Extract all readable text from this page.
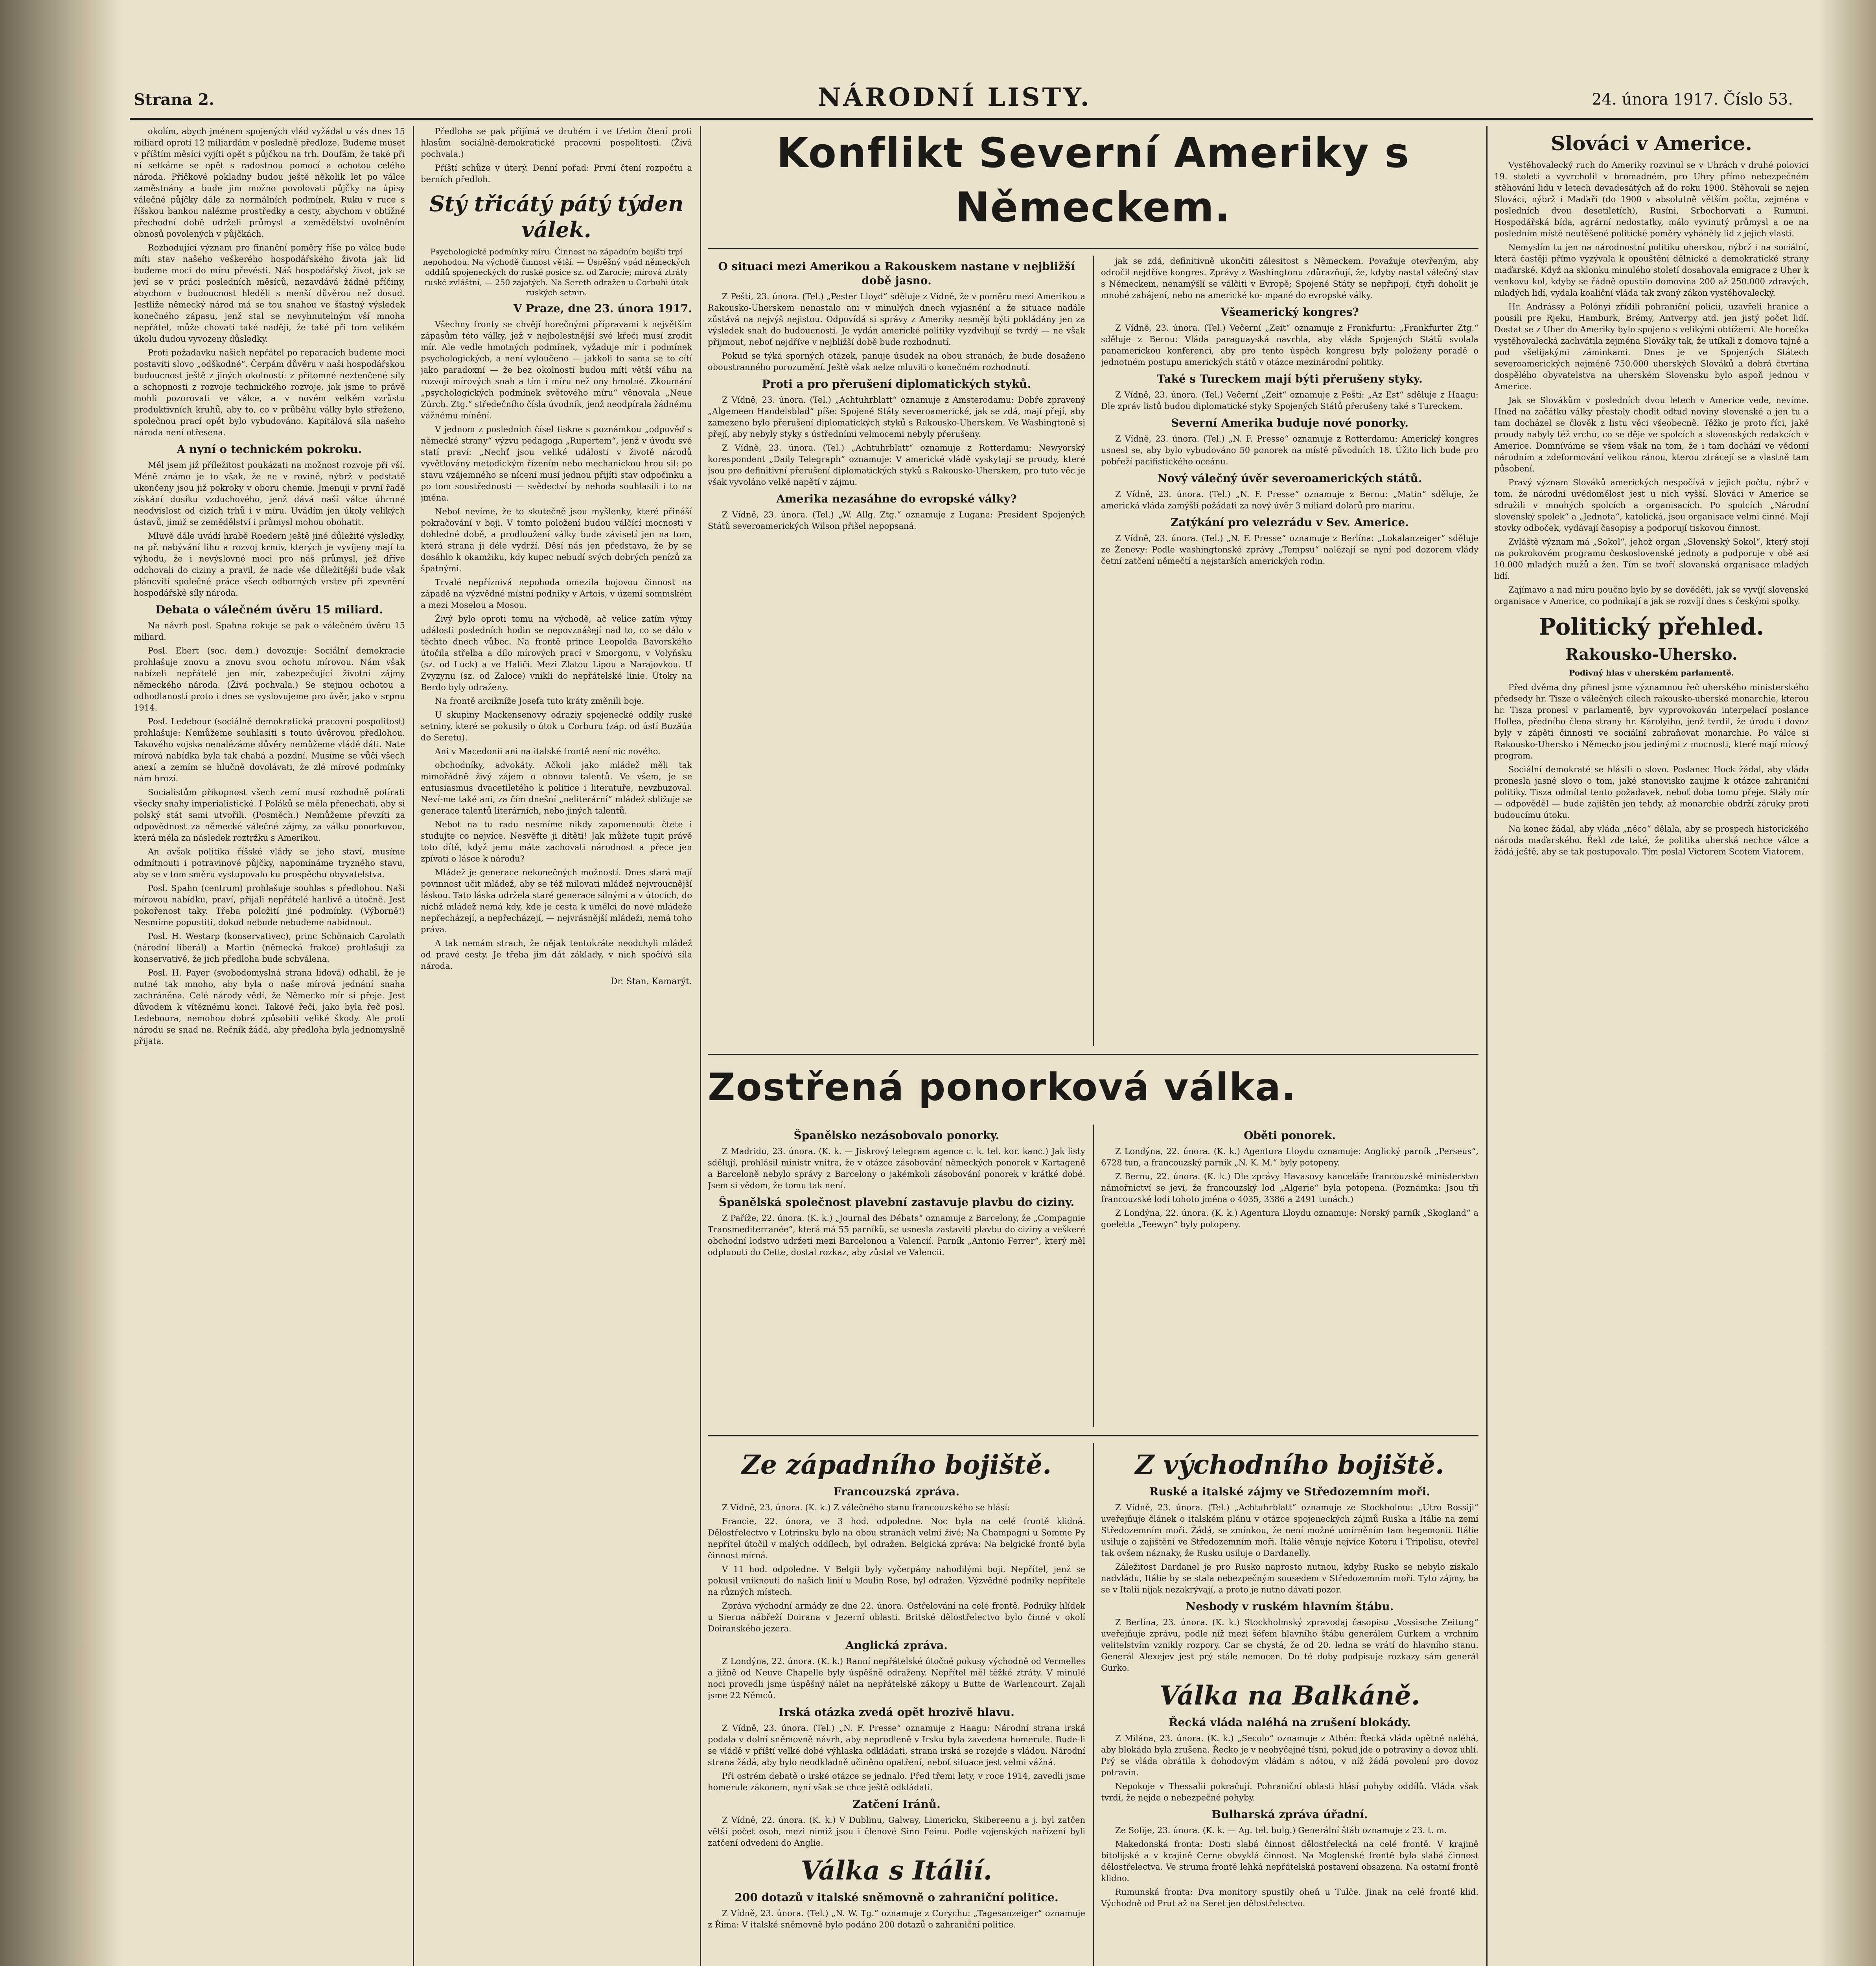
Strana 2.	NÁRODNÍ LISTY.	24. února 1917. Číslo 53.

okolím, abych jménem spojených vlád vyžádal u vás dnes 15 miliard oproti 12 miliardám v posledně předloze. Budeme muset v příštím měsíci vyjíti opět s půjčkou na trh. Doufám, že také při ní setkáme se opět s radostnou pomocí a ochotou celého národa. Příčkové pokladny budou ještě několik let po válce zaměstnány a bude jim možno povolovati půjčky na úpisy válečné půjčky dále za normálních podmínek. Ruku v ruce s říšskou bankou nalézme prostředky a cesty, abychom v obtížné přechodní době udrželi průmysl a zemědělství uvolněním obnosů povolených v půjčkách.

Rozhodující význam pro finanční poměry říše po válce bude míti stav našeho veškerého hospodářského života jak lid budeme moci do míru převésti. Náš hospodářský život, jak se jeví se v práci posledních měsíců, nezavdává žádné příčiny, abychom v budoucnost hleděli s menší důvěrou než dosud. Jestliže německý národ má se tou snahou ve šťastný výsledek konečného zápasu, jenž stal se nevyhnutelným vší mnoha nepřátel, může chovati také naději, že také při tom velikém úkolu dudou vyvozeny důsledky.

Proti požadavku našich nepřátel po reparacích budeme moci postaviti slovo „odškodné“. Čerpám důvěru v naši hospodářskou budoucnost ještě z jiných okolností: z přítomné neztenčené síly a schopnosti z rozvoje technického rozvoje, jak jsme to právě mohli pozorovati ve válce, a v novém velkém vzrůstu produktivních kruhů, aby to, co v průběhu války bylo střeženo, společnou prací opět bylo vybudováno. Kapitálová síla našeho národa není otřesena.

A nyní o technickém pokroku.

Měl jsem již příležitost poukázati na možnost rozvoje při vší. Méně známo je to však, že ne v rovině, nýbrž v podstatě ukončeny jsou již pokroky v oboru chemie. Jmenuji v první řadě získání dusíku vzduchového, jenž dává naší válce úhrnné neodvislost od cizích trhů i v míru. Uvádím jen úkoly velikých ústavů, jimiž se zemědělství i průmysl mohou obohatit.

Mluvě dále uvádí hrabě Roedern ještě jiné důležité výsledky, na př. nabývání lihu a rozvoj krmiv, kterých je vyvíjeny mají tu výhodu, že i nevýslovné moci pro náš průmysl, jež dříve odchovali do ciziny a pravil, že nade vše důležitější bude však pláncvití společné práce všech odborných vrstev při zpevnění hospodářské síly národa.

Debata o válečném úvěru 15 miliard.

Na návrh posl. Spahna rokuje se pak o válečném úvěru 15 miliard.

Posl. Ebert (soc. dem.) dovozuje: Sociální demokracie prohlašuje znovu a znovu svou ochotu mírovou. Nám však nabízeli nepřátelé jen mír, zabezpečující životní zájmy německého národa. (Živá pochvala.) Se stejnou ochotou a odhodlaností proto i dnes se vyslovujeme pro úvěr, jako v srpnu 1914.

Posl. Ledebour (sociálně demokratická pracovní pospolitost) prohlašuje: Nemůžeme souhlasiti s touto úvěrovou předlohou. Takového vojska nenalézáme důvěry nemůžeme vládě dáti. Nate mírová nabídka byla tak chabá a pozdní. Musíme se vůči všech anexí a zemím se hlučně dovolávati, že zlé mírové podmínky nám hrozí.

Socialistům přikopnost všech zemí musí rozhodně potírati všecky snahy imperialistické. I Poláků se měla přenechati, aby si polský stát sami utvořili. (Posměch.) Nemůžeme převzíti za odpovědnost za německé válečné zájmy, za válku ponorkovou, která měla za následek roztržku s Amerikou.

An avšak politika říšské vlády se jeho staví, musíme odmítnouti i potravinové půjčky, napomínáme tryzného stavu, aby se v tom směru vystupovalo ku prospěchu obyvatelstva.

Posl. Spahn (centrum) prohlašuje souhlas s předlohou. Naši mírovou nabídku, praví, přijali nepřátelé hanlivě a útočně. Jest pokořenost taky. Třeba položití jiné podmínky. (Výborně!) Nesmíme popustiti, dokud nebude nebudeme nabídnout.

Posl. H. Westarp (konservativec), princ Schönaich Carolath (národní liberál) a Martin (německá frakce) prohlašují za konservativě, že jich předloha bude schválena.

Posl. H. Payer (svobodomyslná strana lidová) odhalil, že je nutné tak mnoho, aby byla o naše mírová jednání snaha zachráněna. Celé národy vědí, že Německo mír si přeje. Jest důvodem k vítěznému konci. Takové řeči, jako byla řeč posl. Ledeboura, nemohou dobrá způsobiti veliké škody. Ale proti národu se snad ne. Rečník žádá, aby předloha byla jednomyslně přijata.

Předloha se pak přijímá ve druhém i ve třetím čtení proti hlasům sociálně-demokratické pracovní pospolitosti. (Živá pochvala.)

Příští schůze v úterý. Denní pořad: První čtení rozpočtu a berních předloh.

Stý třicátý pátý týden válek.
Psychologické podmínky míru. Činnost na západním bojišti trpí nepohodou. Na východě činnost větší. — Úspěšný vpád německých oddílů spojeneckých do ruské posice sz. od Zarocie; mírová ztráty ruské zvláštní, — 250 zajatých. Na Sereth odražen u Corbuhi útok ruských setnin.
V Praze, dne 23. února 1917.

Všechny fronty se chvějí horečnými přípravami k největším zápasům této války, jež v nejbolestnější své křeči musí zrodit mír. Ale vedle hmotných podmínek, vyžaduje mír i podmínek psychologických, a není vyloučeno — jakkoli to sama se to cítí jako paradoxní — že bez okolností budou míti větší váhu na rozvoji mírových snah a tím i míru než ony hmotné. Zkoumání „psychologických podmínek světového míru“ věnovala „Neue Zürch. Ztg.“ středečního čísla úvodník, jenž neodpírala žádnému vážnému mínění.

V jednom z posledních čísel tiskne s poznámkou „odpověď s německé strany“ výzvu pedagoga „Rupertem“, jenž v úvodu své statí praví: „Nechť jsou veliké události v životě národů vyvětlovány metodickým řízením nebo mechanickou hrou sil: po stavu vzájemného se nícení musí jednou přijíti stav odpočinku a po tom soustřednosti — svědectví by nehoda souhlasili i to na jména.

Neboť nevíme, že to skutečně jsou myšlenky, které přináší pokračování v boji. V tomto položení budou válčící mocnosti v dohledné době, a prodloužení války bude závisetí jen na tom, která strana ji déle vydrží. Děsí nás jen představa, že by se dosáhlo k okamžiku, kdy kupec nebudí svých dobrých penízů za špatnými.

Trvalé nepříznivá nepohoda omezila bojovou činnost na západě na výzvědné místní podniky v Artois, v území sommském a mezi Moselou a Mosou.

Živý bylo oproti tomu na východě, ač velice zatím výmy události posledních hodin se nepovznášejí nad to, co se dálo v těchto dnech vůbec. Na frontě prince Leopolda Bavorského útočila střelba a dílo mírových prací v Smorgonu, v Volyňsku (sz. od Luck) a ve Haliči. Mezi Zlatou Lipou a Narajovkou. U Zvyzynu (sz. od Zaloce) vnikli do nepřátelské linie. Útoky na Berdo byly odraženy.

Na frontě arcikníže Josefa tuto kráty změnili boje.

U skupiny Mackensenovy odraziy spojenecké oddíly ruské setniny, které se pokusily o útok u Corburu (záp. od ústí Buzăúa do Seretu).

Ani v Macedonii ani na italské frontě není nic nového.

obchodníky, advokáty. Ačkoli jako mládež měli tak mimořádně živý zájem o obnovu talentů. Ve všem, je se entusiasmus dvacetiletého k politice i literatuře, nevzbuzoval. Neví-me také ani, za čím dnešní „neliterární“ mládež sbližuje se generace talentů literárních, nebo jiných talentů.

Nebot na tu radu nesmíme nikdy zapomenouti: čtete i studujte co nejvíce. Nesvěťte ji dítěti! Jak můžete tupit právě toto dítě, když jemu máte zachovati národnost a přece jen zpívati o lásce k národu?

Mládež je generace nekonečných možností. Dnes stará mají povinnost učit mládež, aby se též milovati mládež nejvroucnější láskou. Tato láska udržela staré generace silnými a v útocích, do nichž mládež nemá kdy, kde je cesta k umělci do nové mládeže nepřecházejí, a nepřecházejí, — nejvrásnější mládeži, nemá toho práva.

A tak nemám strach, že nějak tentokráte neodchyli mládež od pravé cesty. Je třeba jim dát základy, v nich spočívá síla národa.

Dr. Stan. Kamarýt.
Konflikt Severní Ameriky s Německem.
O situaci mezi Amerikou a Rakouskem nastane v nejbližší době jasno.

Z Pešti, 23. února. (Tel.) „Pester Lloyd“ sděluje z Vídně, že v poměru mezi Amerikou a Rakousko-Uherskem nenastalo ani v minulých dnech vyjasnění a že situace nadále zůstává na nejvýš nejistou. Odpovídá si správy z Ameriky nesmějí býti pokládány jen za výsledek snah do budoucnosti. Je vydán americké politiky vyzdvihují se tvrdý — ne však přijmout, neboť nejdříve v nejbližší době bude rozhodnutí.

Pokud se týká sporných otázek, panuje úsudek na obou stranách, že bude dosaženo oboustranného porozumění. Ještě však nelze mluviti o konečném rozhodnutí.

Proti a pro přerušení diplomatických styků.

Z Vídně, 23. února. (Tel.) „Achtuhrblatt“ oznamuje z Amsterodamu: Dobře zpravený „Algemeen Handelsblad“ píše: Spojené Státy severoamerické, jak se zdá, mají přejí, aby zamezeno bylo přerušení diplomatických styků s Rakousko-Uherskem. Ve Washingtoně si přejí, aby nebyly styky s ústředními velmocemi nebyly přerušeny.

Z Vídně, 23. února. (Tel.) „Achtuhrblatt“ oznamuje z Rotterdamu: Newyorský korespondent „Daily Telegraph“ oznamuje: V americké vládě vyskytají se proudy, které jsou pro definitivní přerušení diplomatických styků s Rakousko-Uherskem, pro tuto věc je však vyvoláno velké napětí v zájmu.

Amerika nezasáhne do evropské války?

Z Vídně, 23. února. (Tel.) „W. Allg. Ztg.“ oznamuje z Lugana: President Spojených Států severoamerických Wilson přišel nepopsaná.

jak se zdá, definitivně ukončiti zálesitost s Německem. Považuje otevřeným, aby odročil nejdříve kongres. Zprávy z Washingtonu zdůrazňují, že, kdyby nastal válečný stav s Německem, nenamýšlí se válčiti v Evropě; Spojené Státy se nepřipojí, čtyři doholit je mnohé zahájení, nebo na americké ko- mpané do evropské války.

Všeamerický kongres?

Z Vídně, 23. února. (Tel.) Večerní „Zeit“ oznamuje z Frankfurtu: „Frankfurter Ztg.“ sděluje z Bernu: Vláda paraguayská navrhla, aby vláda Spojených Států svolala panamerickou konferenci, aby pro tento úspěch kongresu byly položeny poradě o jednotném postupu amerických států v otázce mezinárodní politiky.

Také s Tureckem mají býti přerušeny styky.

Z Vídně, 23. února. (Tel.) Večerní „Zeit“ oznamuje z Pešti: „Az Est“ sděluje z Haagu: Dle zpráv listů budou diplomatické styky Spojených Států přerušeny také s Tureckem.

Severní Amerika buduje nové ponorky.

Z Vídně, 23. února. (Tel.) „N. F. Presse“ oznamuje z Rotterdamu: Americký kongres usnesl se, aby bylo vybudováno 50 ponorek na místě původních 18. Úžito lich bude pro pobřeží pacifistického oceánu.

Nový válečný úvěr severoamerických států.

Z Vídně, 23. února. (Tel.) „N. F. Presse“ oznamuje z Bernu: „Matin“ sděluje, že americká vláda zamýšlí požádati za nový úvěr 3 miliard dolarů pro marinu.

Zatýkání pro velezrádu v Sev. Americe.

Z Vídně, 23. února. (Tel.) „N. F. Presse“ oznamuje z Berlína: „Lokalanzeiger“ sděluje ze Ženevy: Podle washingtonské zprávy „Tempsu“ nalézají se nyní pod dozorem vlády četní zatčení němečtí a nejstarších amerických rodin.

Zostřená ponorková válka.
Španělsko nezásobovalo ponorky.

Z Madridu, 23. února. (K. k. — Jiskrový telegram agence c. k. tel. kor. kanc.) Jak listy sdělují, prohlásil ministr vnitra, že v otázce zásobování německých ponorek v Kartageně a Barceloně nebylo správy z Barcelony o jakémkoli zásobování ponorek v krátké dobé. Jsem si vědom, že tomu tak není.

Španělská společnost plavební zastavuje plavbu do ciziny.

Z Paříže, 22. února. (K. k.) „Journal des Débats“ oznamuje z Barcelony, že „Compagnie Transmediterranée“, která má 55 parníků, se usnesla zastaviti plavbu do ciziny a veškeré obchodní lodstvo udržeti mezi Barcelonou a Valencií. Parník „Antonio Ferrer“, který měl odpluouti do Cette, dostal rozkaz, aby zůstal ve Valencii.

Oběti ponorek.

Z Londýna, 22. února. (K. k.) Agentura Lloydu oznamuje: Anglický parník „Perseus“, 6728 tun, a francouzský parník „N. K. M.“ byly potopeny.

Z Bernu, 22. února. (K. k.) Dle zprávy Havasovy kanceláře francouzské ministerstvo námořnictví se jeví, že francouzský lod „Algerie“ byla potopena. (Poznámka: Jsou tři francouzské lodi tohoto jména o 4035, 3386 a 2491 tunách.)

Z Londýna, 22. února. (K. k.) Agentura Lloydu oznamuje: Norský parník „Skogland“ a goeletta „Teewyn“ byly potopeny.

Ze západního bojiště.
Francouzská zpráva.

Z Vídně, 23. února. (K. k.) Z válečného stanu francouzského se hlásí:

Francie, 22. února, ve 3 hod. odpoledne. Noc byla na celé frontě klidná. Dělostřelectvo v Lotrinsku bylo na obou stranách velmi živé; Na Champagni u Somme Py nepřítel útočil v malých oddílech, byl odražen. Belgická zpráva: Na belgické frontě byla činnost mírná.

V 11 hod. odpoledne. V Belgii byly vyčerpány nahodilými boji. Nepřítel, jenž se pokusil vniknouti do našich linií u Moulin Rose, byl odražen. Výzvědné podniky nepřítele na různých místech.

Zpráva východní armády ze dne 22. února. Ostřelování na celé frontě. Podniky hlídek u Sierna nábřeží Doirana v Jezerní oblasti. Britské dělostřelectvo bylo činné v okolí Doiranského jezera.

Anglická zpráva.

Z Londýna, 22. února. (K. k.) Ranní nepřátelské útočné pokusy východně od Vermelles a jižně od Neuve Chapelle byly úspěšně odraženy. Nepřítel měl těžké ztráty. V minulé noci provedli jsme úspěšný nálet na nepřátelské zákopy u Butte de Warlencourt. Zajali jsme 22 Němců.

Irská otázka zvedá opět hrozivě hlavu.

Z Vídně, 23. února. (Tel.) „N. F. Presse“ oznamuje z Haagu: Národní strana irská podala v dolní sněmovně návrh, aby neprodleně v Irsku byla zavedena homerule. Bude-li se vládě v příští velké dobé výhlaska odkládati, strana irská se rozejde s vládou. Národní strana žádá, aby bylo neodkladně učiněno opatření, neboť situace jest velmi vážná.

Při ostrém debatě o irské otázce se jednalo. Před třemi lety, v roce 1914, zavedli jsme homerule zákonem, nyní však se chce ještě odkládati.

Zatčení Iránů.

Z Vídně, 22. února. (K. k.) V Dublinu, Galway, Limericku, Skibereenu a j. byl zatčen větší počet osob, mezi nimiž jsou i členové Sinn Feinu. Podle vojenských nařízení byli zatčení odvedeni do Anglie.

Válka s Itálií.
200 dotazů v italské sněmovně o zahraniční politice.

Z Vídně, 23. února. (Tel.) „N. W. Tg.“ oznamuje z Curychu: „Tagesanzeiger“ oznamuje z Říma: V italské sněmovně bylo podáno 200 dotazů o zahraniční politice.

Z východního bojiště.
Ruské a italské zájmy ve Středozemním moři.

Z Vídně, 23. února. (Tel.) „Achtuhrblatt“ oznamuje ze Stockholmu: „Utro Rossiji“ uveřejňuje článek o italském plánu v otázce spojeneckých zájmů Ruska a Itálie na zemí Středozemním moři. Žádá, se zmínkou, že není možné umírněním tam hegemonii. Itálie usiluje o zajištění ve Středozemním moři. Itálie věnuje nejvíce Kotoru i Tripolisu, otevřel tak ovšem náznaky, že Rusku usiluje o Dardanelly.

Záležitost Dardanel je pro Rusko naprosto nutnou, kdyby Rusko se nebylo získalo nadvládu, Itálie by se stala nebezpečným sousedem v Středozemním moři. Tyto zájmy, ba se v Italii nijak nezakrývají, a proto je nutno dávati pozor.

Nesbody v ruském hlavním štábu.

Z Berlína, 23. února. (K. k.) Stockholmský zpravodaj časopisu „Vossische Zeitung“ uveřejňuje zprávu, podle níž mezi šéfem hlavního štábu generálem Gurkem a vrchním velitelstvím vznikly rozpory. Car se chystá, že od 20. ledna se vrátí do hlavního stanu. Generál Alexejev jest prý stále nemocen. Do té doby podpisuje rozkazy sám generál Gurko.

Válka na Balkáně.
Řecká vláda naléhá na zrušení blokády.

Z Milána, 23. února. (K. k.) „Secolo“ oznamuje z Athén: Řecká vláda opětně naléhá, aby blokáda byla zrušena. Řecko je v neobyčejné tísni, pokud jde o potraviny a dovoz uhlí. Prý se vláda obrátila k dohodovým vládám s nótou, v níž žádá povolení pro dovoz potravin.

Nepokoje v Thessalii pokračují. Pohraniční oblasti hlásí pohyby oddílů. Vláda však tvrdí, že nejde o nebezpečné pohyby.

Bulharská zpráva úřadní.

Ze Sofije, 23. února. (K. k. — Ag. tel. bulg.) Generální štáb oznamuje z 23. t. m.

Makedonská fronta: Dosti slabá činnost dělostřelecká na celé frontě. V krajině bitolijské a v krajině Cerne obvyklá činnost. Na Moglenské frontě byla slabá činnost dělostřelectva. Ve struma frontě lehká nepřátelská postavení obsazena. Na ostatní frontě klidno.

Rumunská fronta: Dva monitory spustily oheň u Tulče. Jinak na celé frontě klid. Východně od Prut až na Seret jen dělostřelectvo.

Slováci v Americe.

Vystěhovalecký ruch do Ameriky rozvinul se v Uhrách v druhé polovici 19. století a vyvrcholil v bromadném, pro Uhry přímo nebezpečném stěhování lidu v letech devadesátých až do roku 1900. Stěhovali se nejen Slováci, nýbrž i Maďaři (do 1900 v absolutně větším počtu, zejména v posledních dvou desetiletích), Rusíni, Srbochorvati a Rumuni. Hospodářská bída, agrární nedostatky, málo vyvinutý průmysl a ne na posledním místě neutěšené politické poměry vyháněly lid z jejich vlasti.

Nemyslím tu jen na národnostní politiku uherskou, nýbrž i na sociální, která častěji přímo vyzývala k opouštění dělnické a demokratické strany maďarské. Když na sklonku minulého století dosahovala emigrace z Uher k venkovu kol, kdyby se řádně opustilo domovina 200 až 250.000 zdravých, mladých lidí, vydala koaliční vláda tak zvaný zákon vystěhovalecký.

Hr. Andrássy a Polónyi zřídili pohraniční policii, uzavřeli hranice a pousili pre Rjeku, Hamburk, Brémy, Antverpy atd. jen jistý počet lidí. Dostat se z Uher do Ameriky bylo spojeno s velikými obtížemi. Ale horečka vystěhovalecká zachvátila zejména Slováky tak, že utíkali z domova tajně a pod všelijakými záminkami. Dnes je ve Spojených Státech severoamerických nejméně 750.000 uherských Slováků a dobrá čtvrtina dospělého obyvatelstva na uherském Slovensku bylo aspoň jednou v Americe.

Jak se Slovákům v posledních dvou letech v Americe vede, nevíme. Hned na začátku války přestaly chodit odtud noviny slovenské a jen tu a tam docházel se člověk z listu věci všeobecně. Těžko je proto říci, jaké proudy nabyly též vrchu, co se děje ve spolcích a slovenských redakcích v Americe. Domníváme se všem však na tom, že i tam dochází ve vědomí národním a zdeformování velikou ránou, kterou ztrácejí se a vlastně tam působení.

Pravý význam Slováků amerických nespočívá v jejich počtu, nýbrž v tom, že národní uvědomělost jest u nich vyšší. Slováci v Americe se sdružili v mnohých spolcích a organisacích. Po spolcích „Národní slovenský spolek“ a „Jednota“, katolická, jsou organisace velmi činné. Mají stovky odboček, vydávají časopisy a podporují tiskovou činnost.

Zvláště význam má „Sokol“, jehož organ „Slovenský Sokol“, který stojí na pokrokovém programu československé jednoty a podporuje v obě asi 10.000 mladých mužů a žen. Tím se tvoří slovanská organisace mladých lidí.

Zajímavo a nad míru poučno bylo by se dověděti, jak se vyvíjí slovenské organisace v Americe, co podnikají a jak se rozvíjí dnes s českými spolky.

Politický přehled.
Rakousko-Uhersko.
Podivný hlas v uherském parlamentě.

Před dvěma dny přinesl jsme významnou řeč uherského ministerského předsedy hr. Tisze o válečných cílech rakousko-uherské monarchie, kterou hr. Tisza pronesl v parlamentě, byv vyprovokován interpelací poslance Hollea, předního člena strany hr. Károlyiho, jenž tvrdil, že úrodu i dovoz byly v zápěti činnosti ve sociální zabraňovat monarchie. Po válce si Rakousko-Uhersko i Německo jsou jedinými z mocnosti, které mají mírový program.

Sociální demokraté se hlásili o slovo. Poslanec Hock žádal, aby vláda pronesla jasné slovo o tom, jaké stanovisko zaujme k otázce zahraniční politiky. Tisza odmítal tento požadavek, neboť doba tomu přeje. Stály mír — odpověděl — bude zajištěn jen tehdy, až monarchie obdrží záruky proti budoucímu útoku.

Na konec žádal, aby vláda „něco“ dělala, aby se prospech historického národa maďarského. Řekl zde také, že politika uherská nechce válce a žádá ještě, aby se tak postupovalo. Tím poslal Victorem Scotem Viatorem.
